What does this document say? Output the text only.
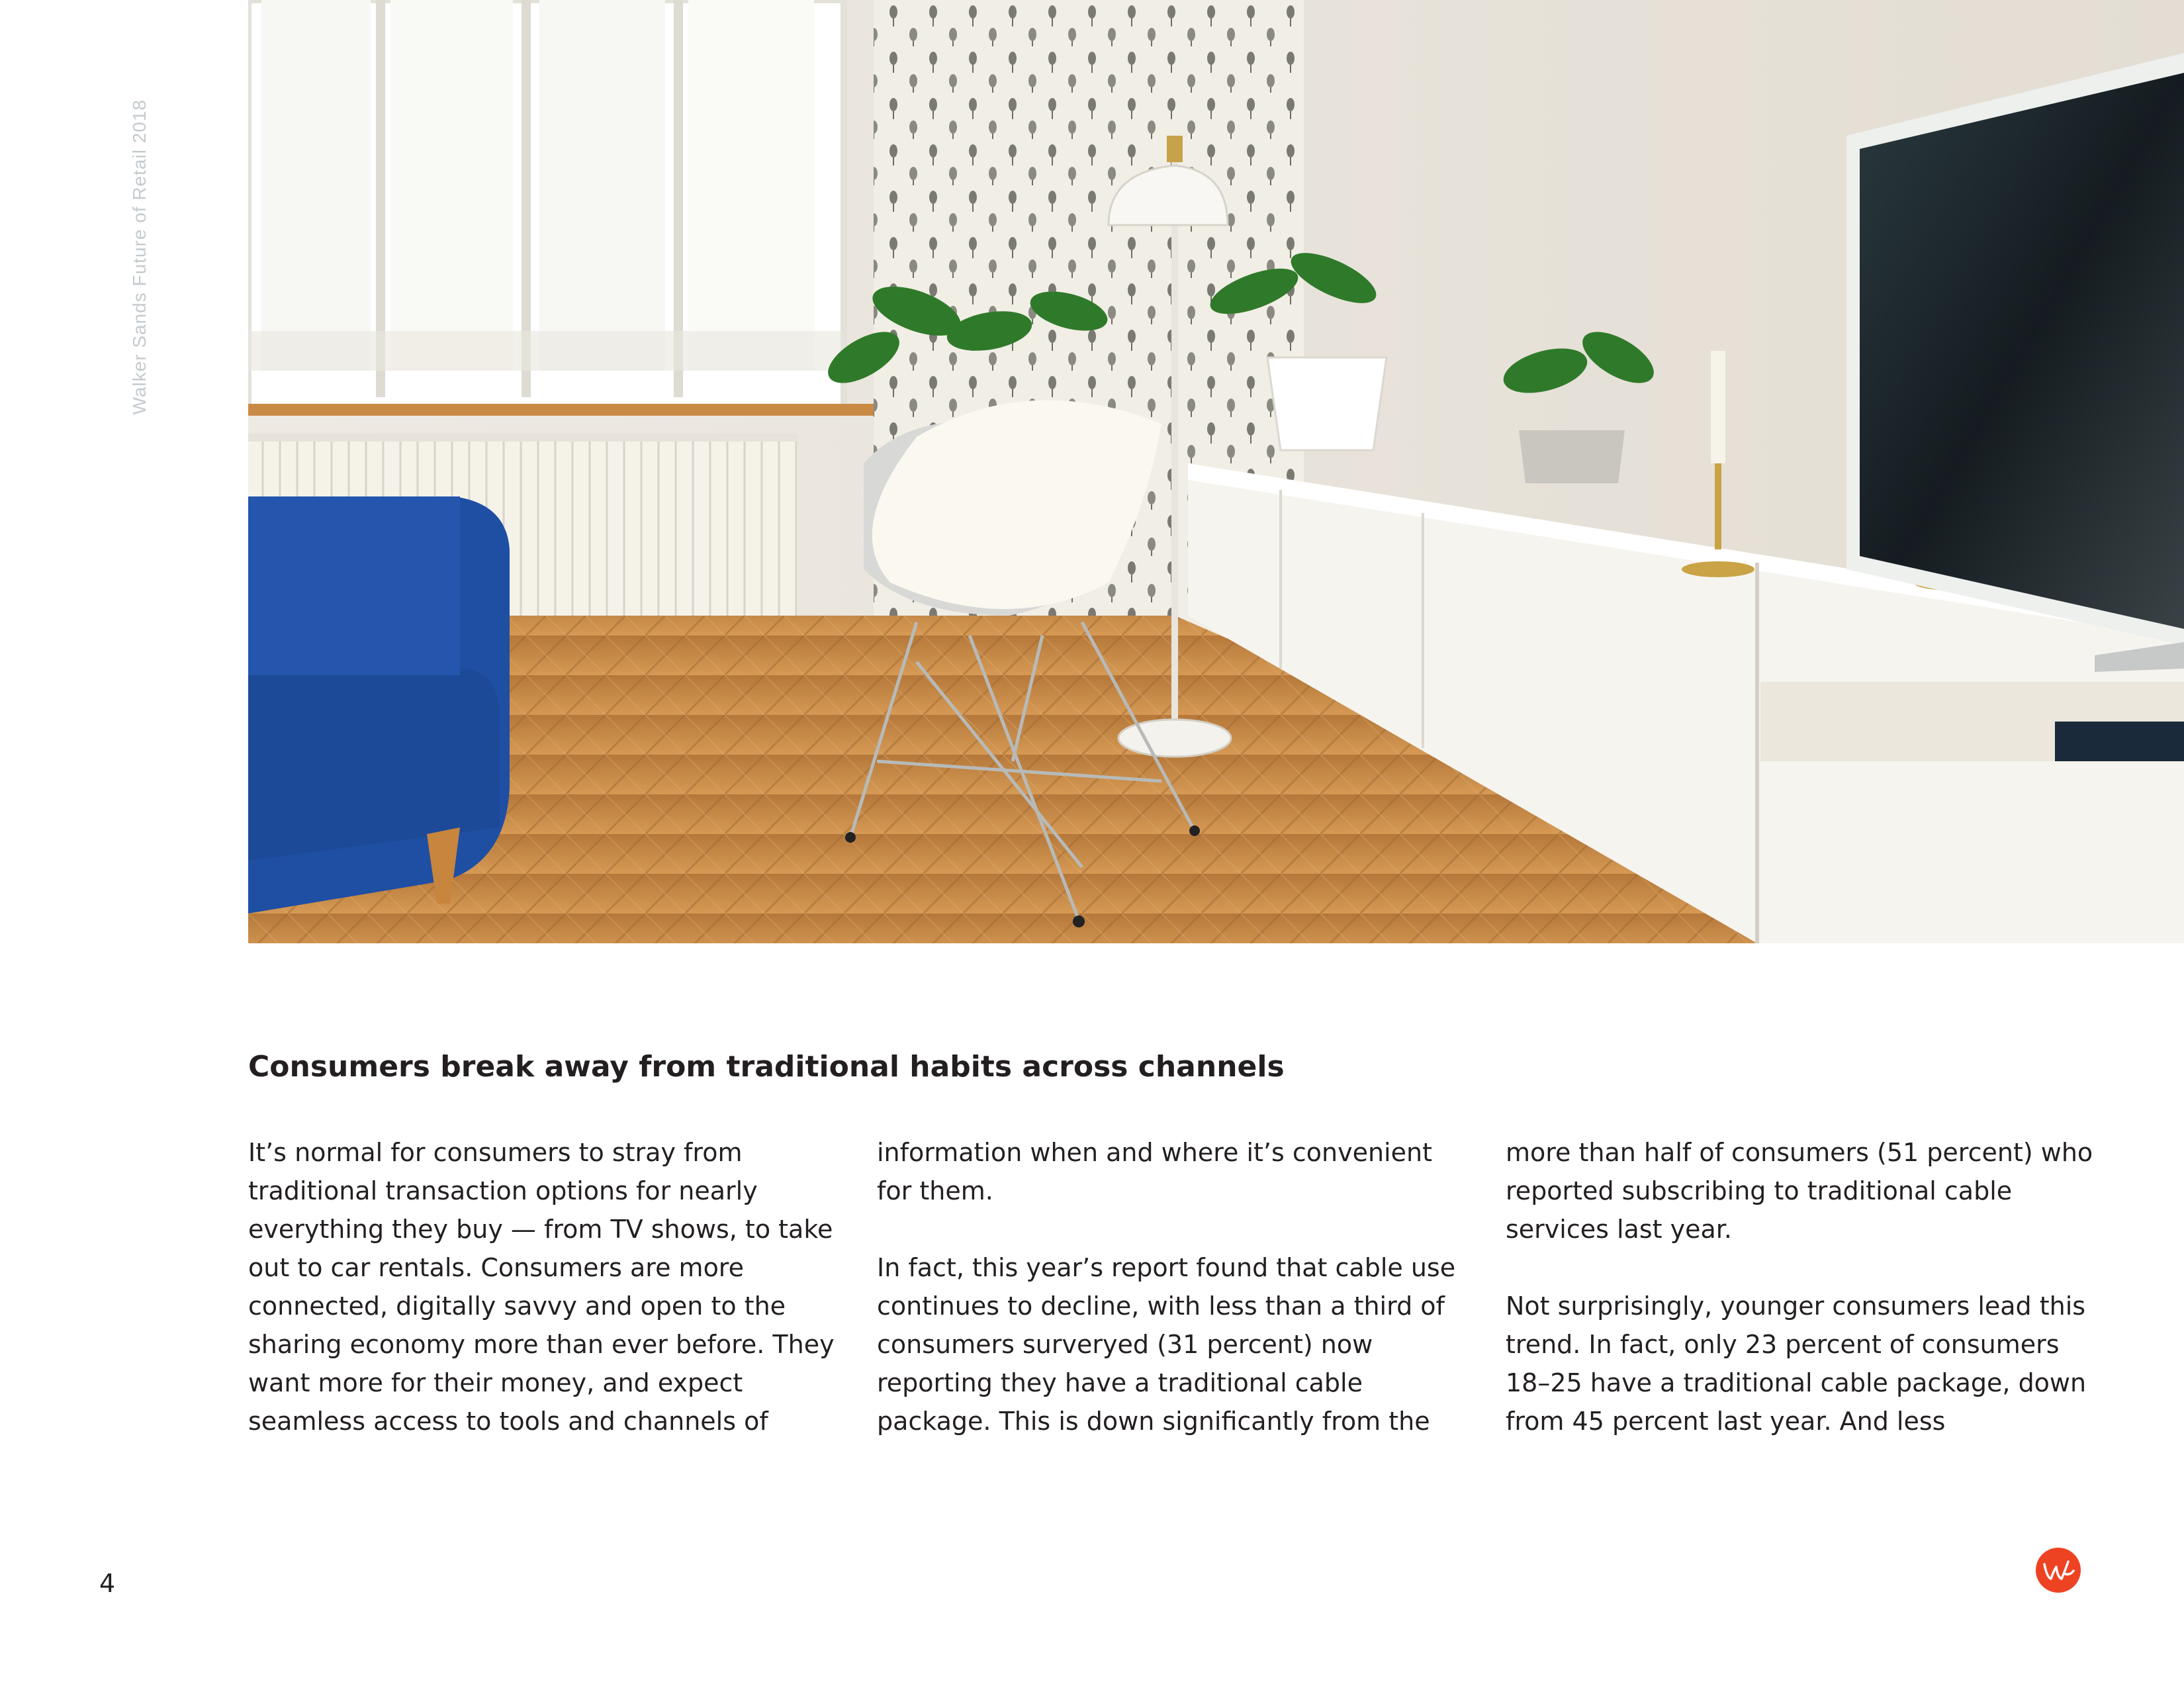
Walker Sands Future of Retail 2018
Consumers break away from traditional habits across channels

It’s normal for consumers to stray from traditional transaction options for nearly everything they buy — from TV shows, to take out to car rentals. Consumers are more connected, digitally savvy and open to the sharing economy more than ever before. They want more for their money, and expect seamless access to tools and channels of

information when and where it’s convenient for them.

In fact, this year’s report found that cable use continues to decline, with less than a third of consumers surveryed (31 percent) now reporting they have a traditional cable package. This is down significantly from the

more than half of consumers (51 percent) who reported subscribing to traditional cable services last year.

Not surprisingly, younger consumers lead this trend. In fact, only 23 percent of consumers 18–25 have a traditional cable package, down from 45 percent last year. And less

4
